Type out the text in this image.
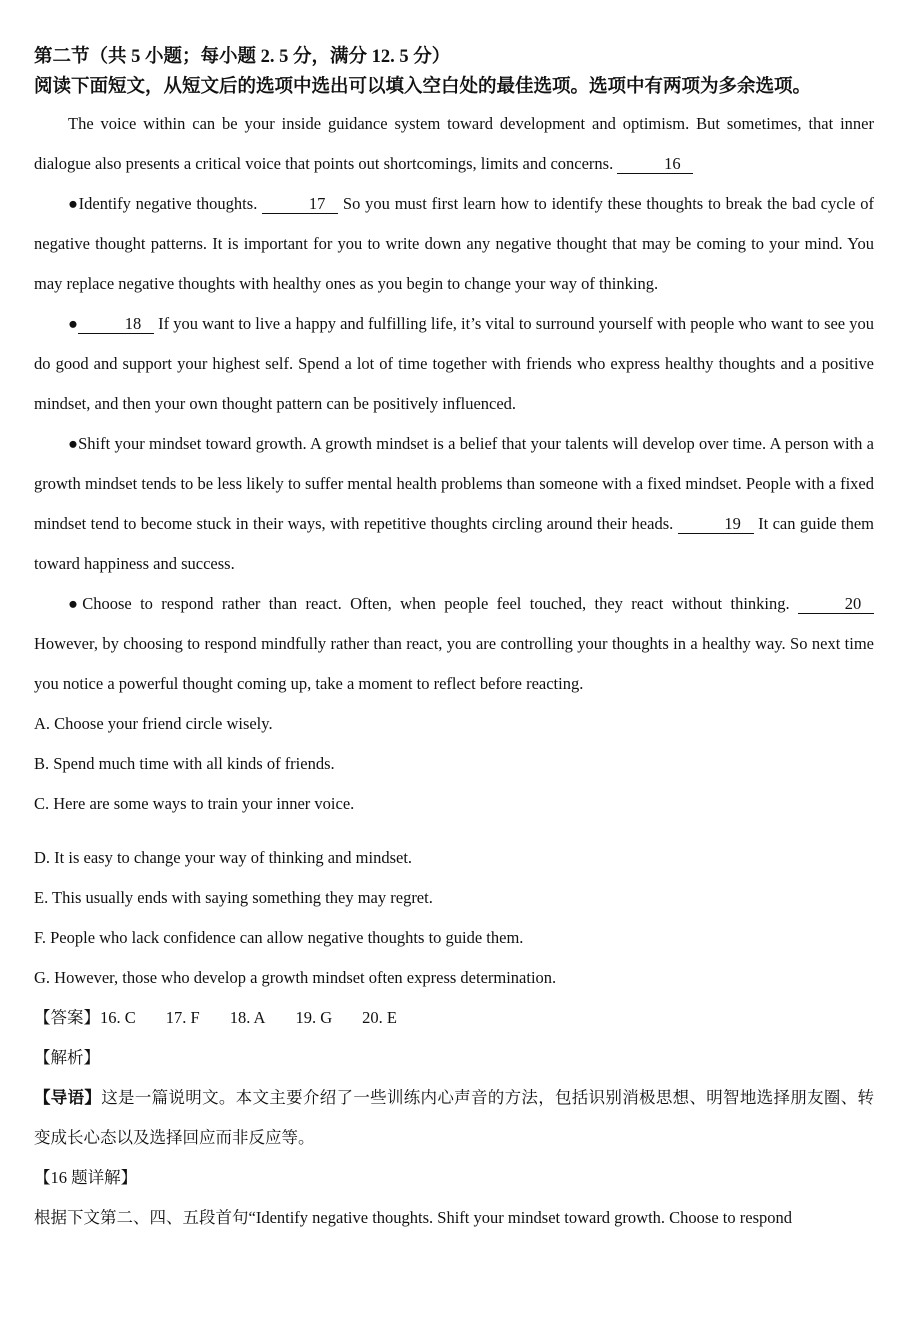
第二节（共 5 小题；每小题 2. 5 分，满分 12. 5 分）

阅读下面短文，从短文后的选项中选出可以填入空白处的最佳选项。选项中有两项为多余选项。

The voice within can be your inside guidance system toward development and optimism. But sometimes, that inner dialogue also presents a critical voice that points out shortcomings, limits and concerns.	16

●Identify negative thoughts.	17 So you must first learn how to identify these thoughts to break the bad cycle of negative thought patterns. It is important for you to write down any negative thought that may be coming to your mind. You may replace negative thoughts with healthy ones as you begin to change your way of thinking.

●	18 If you want to live a happy and fulfilling life, it’s vital to surround yourself with people who want to see you do good and support your highest self. Spend a lot of time together with friends who express healthy thoughts and a positive mindset, and then your own thought pattern can be positively influenced.

●Shift your mindset toward growth. A growth mindset is a belief that your talents will develop over time. A person with a growth mindset tends to be less likely to suffer mental health problems than someone with a fixed mindset. People with a fixed mindset tend to become stuck in their ways, with repetitive thoughts circling around their heads.	19 It can guide them toward happiness and success.

●Choose to respond rather than react. Often, when people feel touched, they react without thinking.	20 However, by choosing to respond mindfully rather than react, you are controlling your thoughts in a healthy way. So next time you notice a powerful thought coming up, take a moment to reflect before reacting.

A. Choose your friend circle wisely.

B. Spend much time with all kinds of friends.

C. Here are some ways to train your inner voice.

D. It is easy to change your way of thinking and mindset.

E. This usually ends with saying something they may regret.

F. People who lack confidence can allow negative thoughts to guide them.

G. However, those who develop a growth mindset often express determination.

【答案】16. C 17. F 18. A 19. G 20. E

【解析】

【导语】这是一篇说明文。本文主要介绍了一些训练内心声音的方法，包括识别消极思想、明智地选择朋友圈、转变成长心态以及选择回应而非反应等。

【16 题详解】

根据下文第二、四、五段首句“Identify negative thoughts. Shift your mindset toward growth. Choose to respond
